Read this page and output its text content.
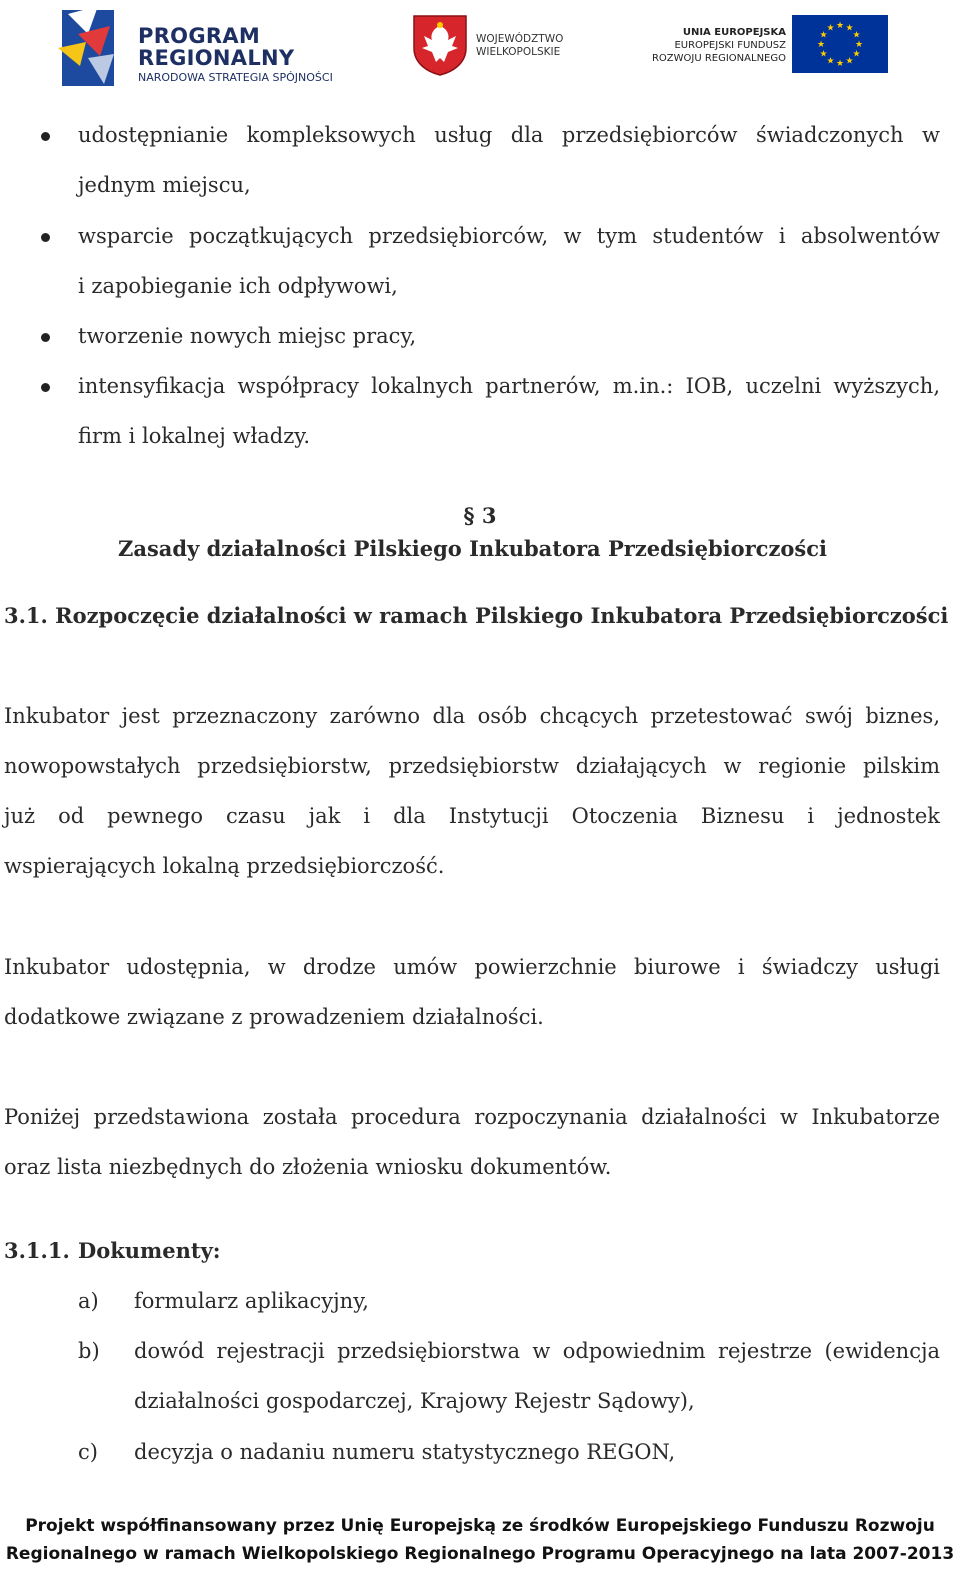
PROGRAM
REGIONALNY
NARODOWA STRATEGIA SPÓJNOŚCI
WOJEWÓDZTWO
WIELKOPOLSKIE
UNIA EUROPEJSKA
EUROPEJSKI FUNDUSZ
ROZWOJU REGIONALNEGO
★ ★
★
★
★
★
★
★
★
★
★
★
udostępnianie kompleksowych usług dla przedsiębiorców świadczonych w
jednym miejscu,
wsparcie początkujących przedsiębiorców, w tym studentów i absolwentów
i zapobieganie ich odpływowi,
tworzenie nowych miejsc pracy,
intensyfikacja współpracy lokalnych partnerów, m.in.: IOB, uczelni wyższych,
firm i lokalnej władzy.
§ 3
Zasady działalności Pilskiego Inkubatora Przedsiębiorczości
3.1. Rozpoczęcie działalności w ramach Pilskiego Inkubatora Przedsiębiorczości
Inkubator jest przeznaczony zarówno dla osób chcących przetestować swój biznes,
nowopowstałych przedsiębiorstw, przedsiębiorstw działających w regionie pilskim
już od pewnego czasu jak i dla Instytucji Otoczenia Biznesu i jednostek
wspierających lokalną przedsiębiorczość.
Inkubator udostępnia, w drodze umów powierzchnie biurowe i świadczy usługi
dodatkowe związane z prowadzeniem działalności.
Poniżej przedstawiona została procedura rozpoczynania działalności w Inkubatorze
oraz lista niezbędnych do złożenia wniosku dokumentów.
3.1.1. Dokumenty:
a) formularz aplikacyjny,
b) dowód rejestracji przedsiębiorstwa w odpowiednim rejestrze (ewidencja
działalności gospodarczej, Krajowy Rejestr Sądowy),
c) decyzja o nadaniu numeru statystycznego REGON,
Projekt współfinansowany przez Unię Europejską ze środków Europejskiego Funduszu Rozwoju
Regionalnego w ramach Wielkopolskiego Regionalnego Programu Operacyjnego na lata 2007-2013
